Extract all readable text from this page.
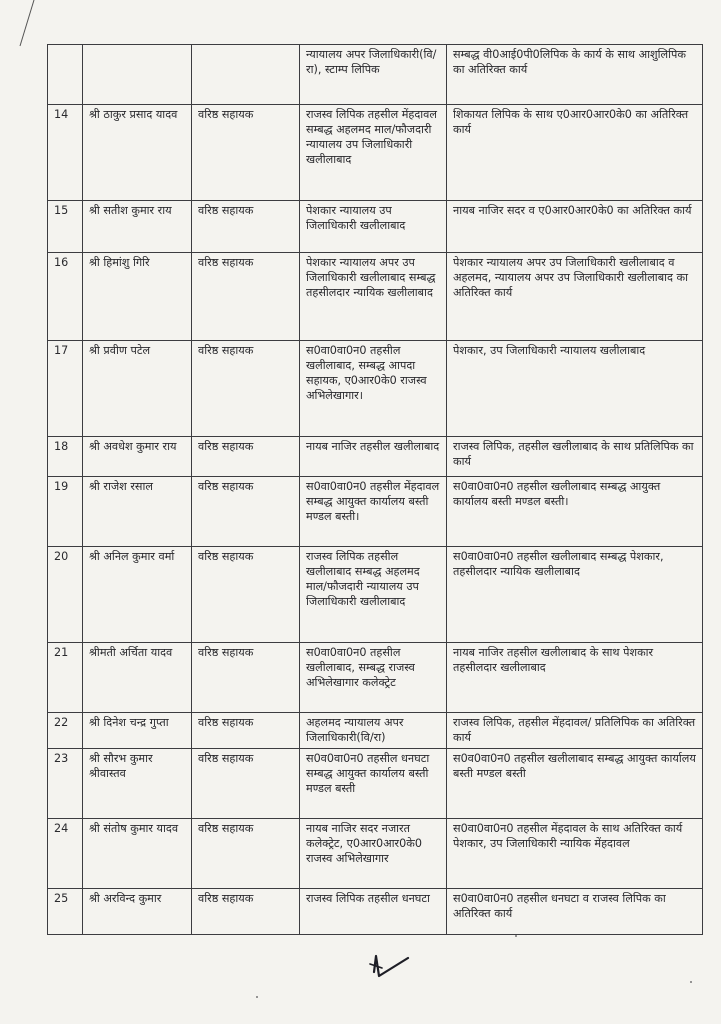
			न्यायालय अपर जिलाधिकारी(वि/रा), स्टाम्प लिपिक	सम्बद्ध वी0आई0पी0लिपिक के कार्य के साथ आशुलिपिक का अतिरिक्त कार्य
14	श्री ठाकुर प्रसाद यादव	वरिष्ठ सहायक	राजस्व लिपिक तहसील मेंहदावल सम्बद्ध अहलमद माल/फौजदारी न्यायालय उप जिलाधिकारी खलीलाबाद	शिकायत लिपिक के साथ ए0आर0आर0के0 का अतिरिक्त कार्य
15	श्री सतीश कुमार राय	वरिष्ठ सहायक	पेशकार न्यायालय उप जिलाधिकारी खलीलाबाद	नायब नाजिर सदर व ए0आर0आर0के0 का अतिरिक्त कार्य
16	श्री हिमांशु गिरि	वरिष्ठ सहायक	पेशकार न्यायालय अपर उप जिलाधिकारी खलीलाबाद सम्बद्ध तहसीलदार न्यायिक खलीलाबाद	पेशकार न्यायालय अपर उप जिलाधिकारी खलीलाबाद व अहलमद, न्यायालय अपर उप जिलाधिकारी खलीलाबाद का अतिरिक्त कार्य
17	श्री प्रवीण पटेल	वरिष्ठ सहायक	स0वा0वा0न0 तहसील खलीलाबाद, सम्बद्ध आपदा सहायक, ए0आर0के0 राजस्व अभिलेखागार।	पेशकार, उप जिलाधिकारी न्यायालय खलीलाबाद
18	श्री अवधेश कुमार राय	वरिष्ठ सहायक	नायब नाजिर तहसील खलीलाबाद	राजस्व लिपिक, तहसील खलीलाबाद के साथ प्रतिलिपिक का कार्य
19	श्री राजेश रसाल	वरिष्ठ सहायक	स0वा0वा0न0 तहसील मेंहदावल सम्बद्ध आयुक्त कार्यालय बस्ती मण्डल बस्ती।	स0वा0वा0न0 तहसील खलीलाबाद सम्बद्ध आयुक्त कार्यालय बस्ती मण्डल बस्ती।
20	श्री अनिल कुमार वर्मा	वरिष्ठ सहायक	राजस्व लिपिक तहसील खलीलाबाद सम्बद्ध अहलमद माल/फौजदारी न्यायालय उप जिलाधिकारी खलीलाबाद	स0वा0वा0न0 तहसील खलीलाबाद सम्बद्ध पेशकार, तहसीलदार न्यायिक खलीलाबाद
21	श्रीमती अर्चिता यादव	वरिष्ठ सहायक	स0वा0वा0न0 तहसील खलीलाबाद, सम्बद्ध राजस्व अभिलेखागार कलेक्ट्रेट	नायब नाजिर तहसील खलीलाबाद के साथ पेशकार तहसीलदार खलीलाबाद
22	श्री दिनेश चन्द्र गुप्ता	वरिष्ठ सहायक	अहलमद न्यायालय अपर जिलाधिकारी(वि/रा)	राजस्व लिपिक, तहसील मेंहदावल/ प्रतिलिपिक का अतिरिक्त कार्य
23	श्री सौरभ कुमार श्रीवास्तव	वरिष्ठ सहायक	स0व0वा0न0 तहसील धनघटा सम्बद्ध आयुक्त कार्यालय बस्ती मण्डल बस्ती	स0व0वा0न0 तहसील खलीलाबाद सम्बद्ध आयुक्त कार्यालय बस्ती मण्डल बस्ती
24	श्री संतोष कुमार यादव	वरिष्ठ सहायक	नायब नाजिर सदर नजारत कलेक्ट्रेट, ए0आर0आर0के0 राजस्व अभिलेखागार	स0वा0वा0न0 तहसील मेंहदावल के साथ अतिरिक्त कार्य पेशकार, उप जिलाधिकारी न्यायिक मेंहदावल
25	श्री अरविन्द कुमार	वरिष्ठ सहायक	राजस्व लिपिक तहसील धनघटा	स0वा0वा0न0 तहसील धनघटा व राजस्व लिपिक का अतिरिक्त कार्य
